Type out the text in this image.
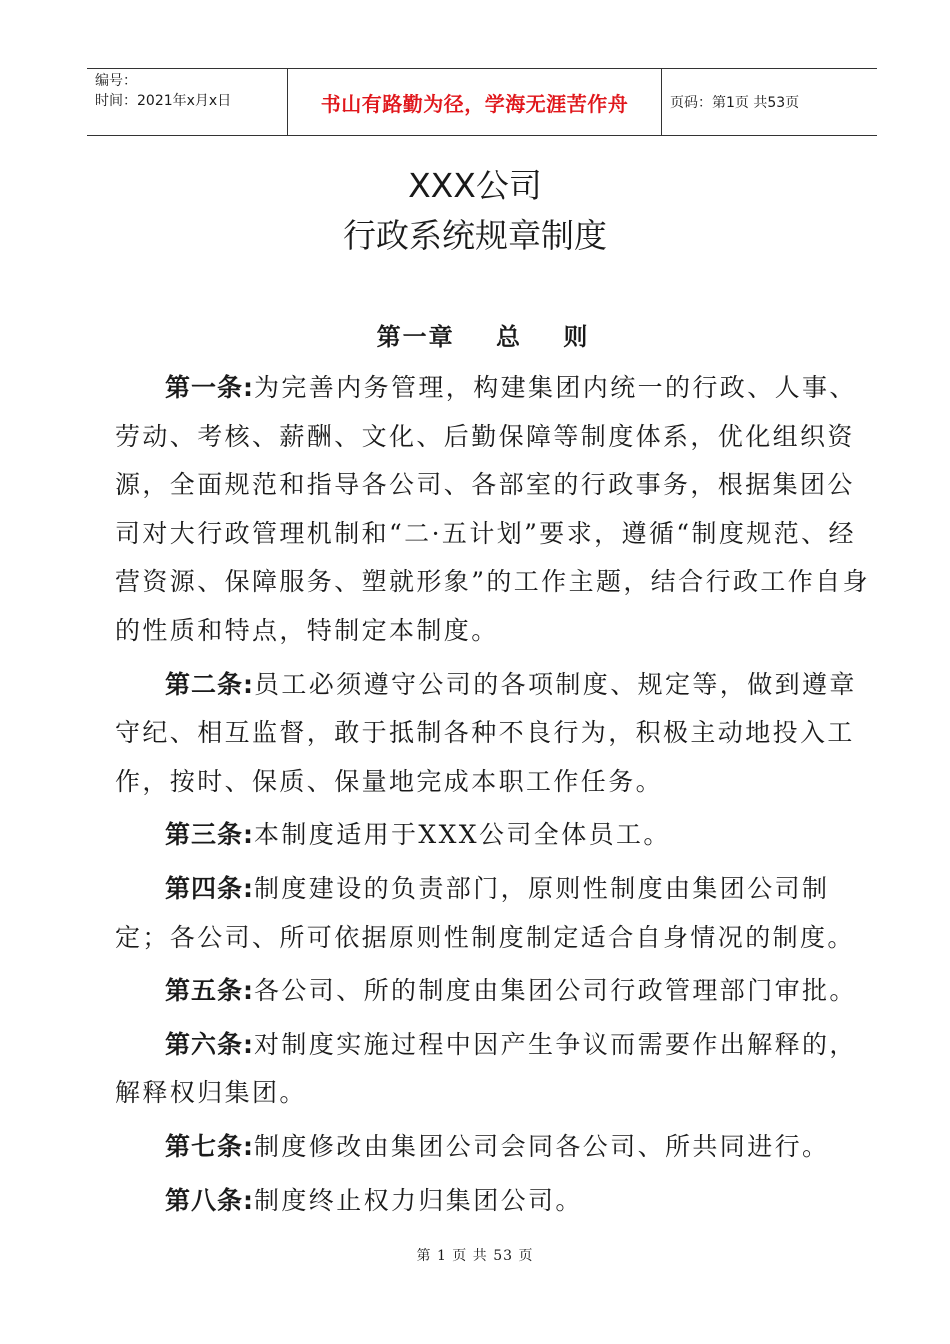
编号：
时间：2021年x月x日	书山有路勤为径，学海无涯苦作舟	页码：第1页 共53页
XXX公司
行政系统规章制度
第一章    总    则

第一条:为完善内务管理，构建集团内统一的行政、人事、劳动、考核、薪酬、文化、后勤保障等制度体系，优化组织资源，全面规范和指导各公司、各部室的行政事务，根据集团公司对大行政管理机制和“二·五计划”要求，遵循“制度规范、经营资源、保障服务、塑就形象”的工作主题，结合行政工作自身的性质和特点，特制定本制度。

第二条:员工必须遵守公司的各项制度、规定等，做到遵章守纪、相互监督，敢于抵制各种不良行为，积极主动地投入工作，按时、保质、保量地完成本职工作任务。

第三条:本制度适用于XXX公司全体员工。

第四条:制度建设的负责部门，原则性制度由集团公司制定；各公司、所可依据原则性制度制定适合自身情况的制度。

第五条:各公司、所的制度由集团公司行政管理部门审批。

第六条:对制度实施过程中因产生争议而需要作出解释的，解释权归集团。

第七条:制度修改由集团公司会同各公司、所共同进行。

第八条:制度终止权力归集团公司。

第 1 页 共 53 页
